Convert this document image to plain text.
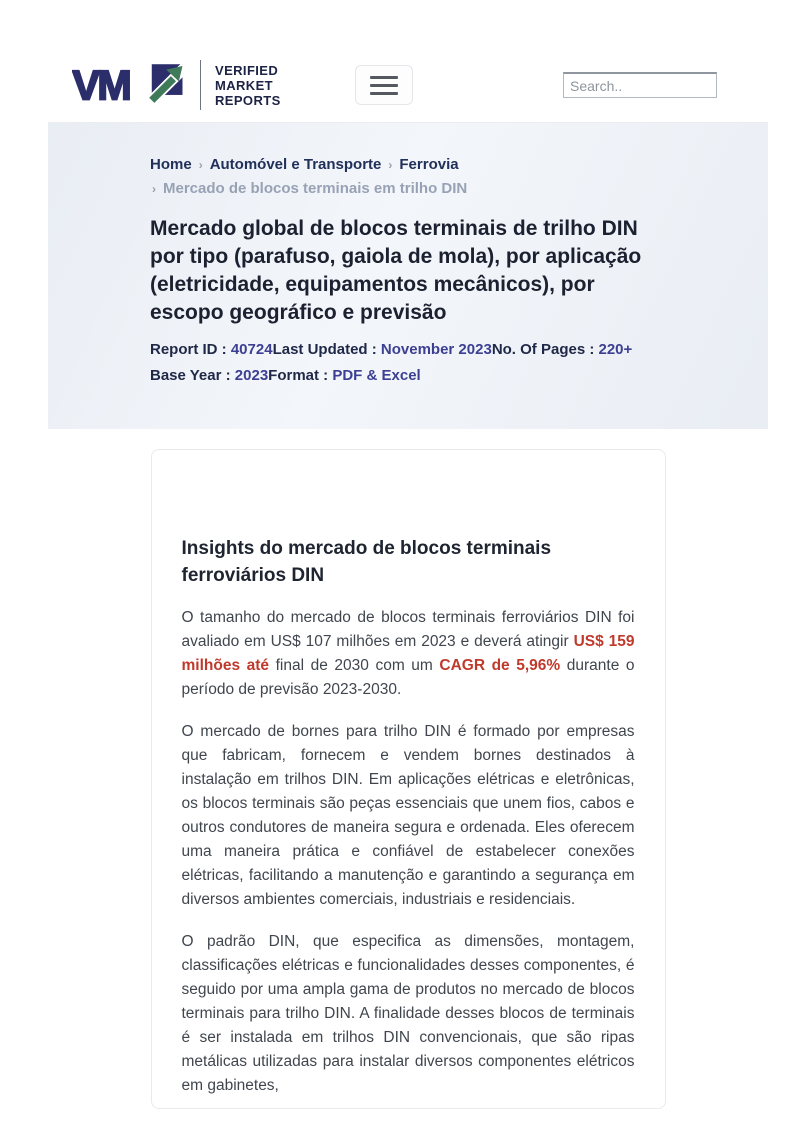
VM	VERIFIED
MARKET
REPORTS
Search..
Home › Automóvel e Transporte › Ferrovia
› Mercado de blocos terminais em trilho DIN
Mercado global de blocos terminais de trilho DIN por tipo (parafuso, gaiola de mola), por aplicação (eletricidade, equipamentos mecânicos), por escopo geográfico e previsão
Report ID : 40724Last Updated : November 2023No. Of Pages : 220+Base Year : 2023Format : PDF & Excel
Insights do mercado de blocos terminais ferroviários DIN

O tamanho do mercado de blocos terminais ferroviários DIN foi avaliado em US$ 107 milhões em 2023 e deverá atingir US$ 159 milhões até final de 2030 com um CAGR de 5,96% durante o período de previsão 2023-2030.

O mercado de bornes para trilho DIN é formado por empresas que fabricam, fornecem e vendem bornes destinados à instalação em trilhos DIN. Em aplicações elétricas e eletrônicas, os blocos terminais são peças essenciais que unem fios, cabos e outros condutores de maneira segura e ordenada. Eles oferecem uma maneira prática e confiável de estabelecer conexões elétricas, facilitando a manutenção e garantindo a segurança em diversos ambientes comerciais, industriais e residenciais.

O padrão DIN, que especifica as dimensões, montagem, classificações elétricas e funcionalidades desses componentes, é seguido por uma ampla gama de produtos no mercado de blocos terminais para trilho DIN. A finalidade desses blocos de terminais é ser instalada em trilhos DIN convencionais, que são ripas metálicas utilizadas para instalar diversos componentes elétricos em gabinetes,
